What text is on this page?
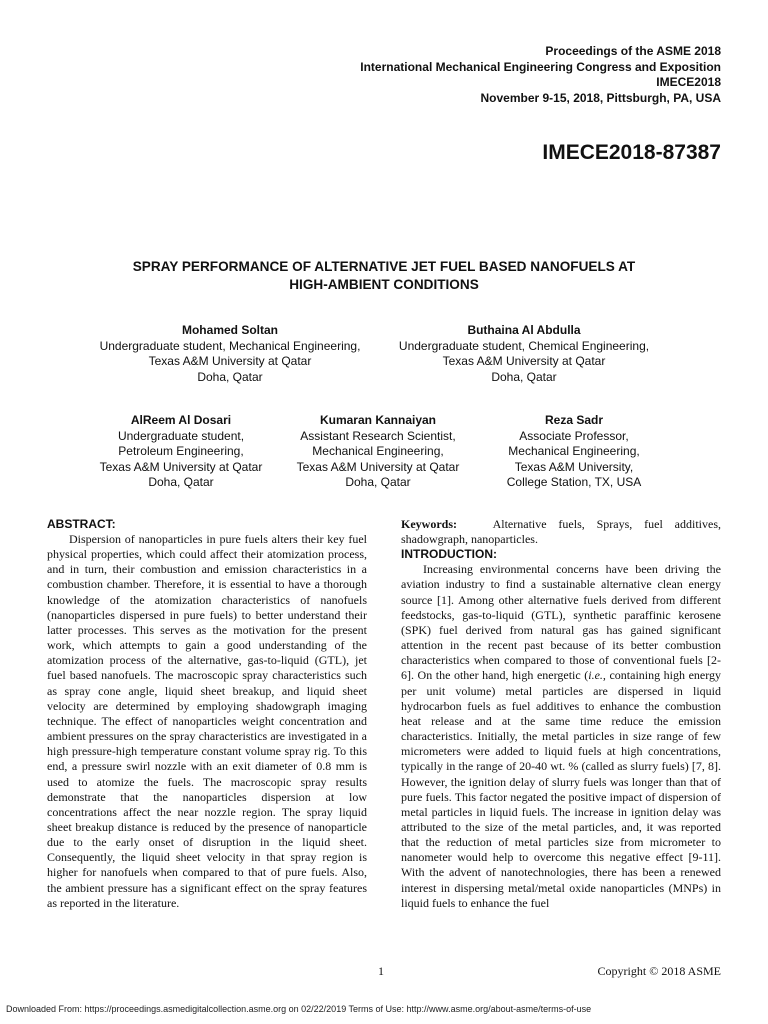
Proceedings of the ASME 2018
International Mechanical Engineering Congress and Exposition
IMECE2018
November 9-15, 2018, Pittsburgh, PA, USA
IMECE2018-87387
SPRAY PERFORMANCE OF ALTERNATIVE JET FUEL BASED NANOFUELS AT
HIGH-AMBIENT CONDITIONS
Mohamed Soltan
Undergraduate student, Mechanical Engineering,
Texas A&M University at Qatar
Doha, Qatar
Buthaina Al Abdulla
Undergraduate student, Chemical Engineering,
Texas A&M University at Qatar
Doha, Qatar
AlReem Al Dosari
Undergraduate student,
Petroleum Engineering,
Texas A&M University at Qatar
Doha, Qatar
Kumaran Kannaiyan
Assistant Research Scientist,
Mechanical Engineering,
Texas A&M University at Qatar
Doha, Qatar
Reza Sadr
Associate Professor,
Mechanical Engineering,
Texas A&M University,
College Station, TX, USA

ABSTRACT:

Dispersion of nanoparticles in pure fuels alters their key fuel physical properties, which could affect their atomization process, and in turn, their combustion and emission characteristics in a combustion chamber. Therefore, it is essential to have a thorough knowledge of the atomization characteristics of nanofuels (nanoparticles dispersed in pure fuels) to better understand their latter processes. This serves as the motivation for the present work, which attempts to gain a good understanding of the atomization process of the alternative, gas-to-liquid (GTL), jet fuel based nanofuels. The macroscopic spray characteristics such as spray cone angle, liquid sheet breakup, and liquid sheet velocity are determined by employing shadowgraph imaging technique. The effect of nanoparticles weight concentration and ambient pressures on the spray characteristics are investigated in a high pressure-high temperature constant volume spray rig. To this end, a pressure swirl nozzle with an exit diameter of 0.8 mm is used to atomize the fuels. The macroscopic spray results demonstrate that the nanoparticles dispersion at low concentrations affect the near nozzle region. The spray liquid sheet breakup distance is reduced by the presence of nanoparticle due to the early onset of disruption in the liquid sheet. Consequently, the liquid sheet velocity in that spray region is higher for nanofuels when compared to that of pure fuels. Also, the ambient pressure has a significant effect on the spray features as reported in the literature.

Keywords:	Alternative fuels, Sprays, fuel additives, shadowgraph, nanoparticles.

INTRODUCTION:

Increasing environmental concerns have been driving the aviation industry to find a sustainable alternative clean energy source [1]. Among other alternative fuels derived from different feedstocks, gas-to-liquid (GTL), synthetic paraffinic kerosene (SPK) fuel derived from natural gas has gained significant attention in the recent past because of its better combustion characteristics when compared to those of conventional fuels [2-6]. On the other hand, high energetic (i.e., containing high energy per unit volume) metal particles are dispersed in liquid hydrocarbon fuels as fuel additives to enhance the combustion heat release and at the same time reduce the emission characteristics. Initially, the metal particles in size range of few micrometers were added to liquid fuels at high concentrations, typically in the range of 20-40 wt. % (called as slurry fuels) [7, 8]. However, the ignition delay of slurry fuels was longer than that of pure fuels. This factor negated the positive impact of dispersion of metal particles in liquid fuels. The increase in ignition delay was attributed to the size of the metal particles, and, it was reported that the reduction of metal particles size from micrometer to nanometer would help to overcome this negative effect [9-11]. With the advent of nanotechnologies, there has been a renewed interest in dispersing metal/metal oxide nanoparticles (MNPs) in liquid fuels to enhance the fuel

1	Copyright © 2018 ASME
Downloaded From: https://proceedings.asmedigitalcollection.asme.org on 02/22/2019 Terms of Use: http://www.asme.org/about-asme/terms-of-use
